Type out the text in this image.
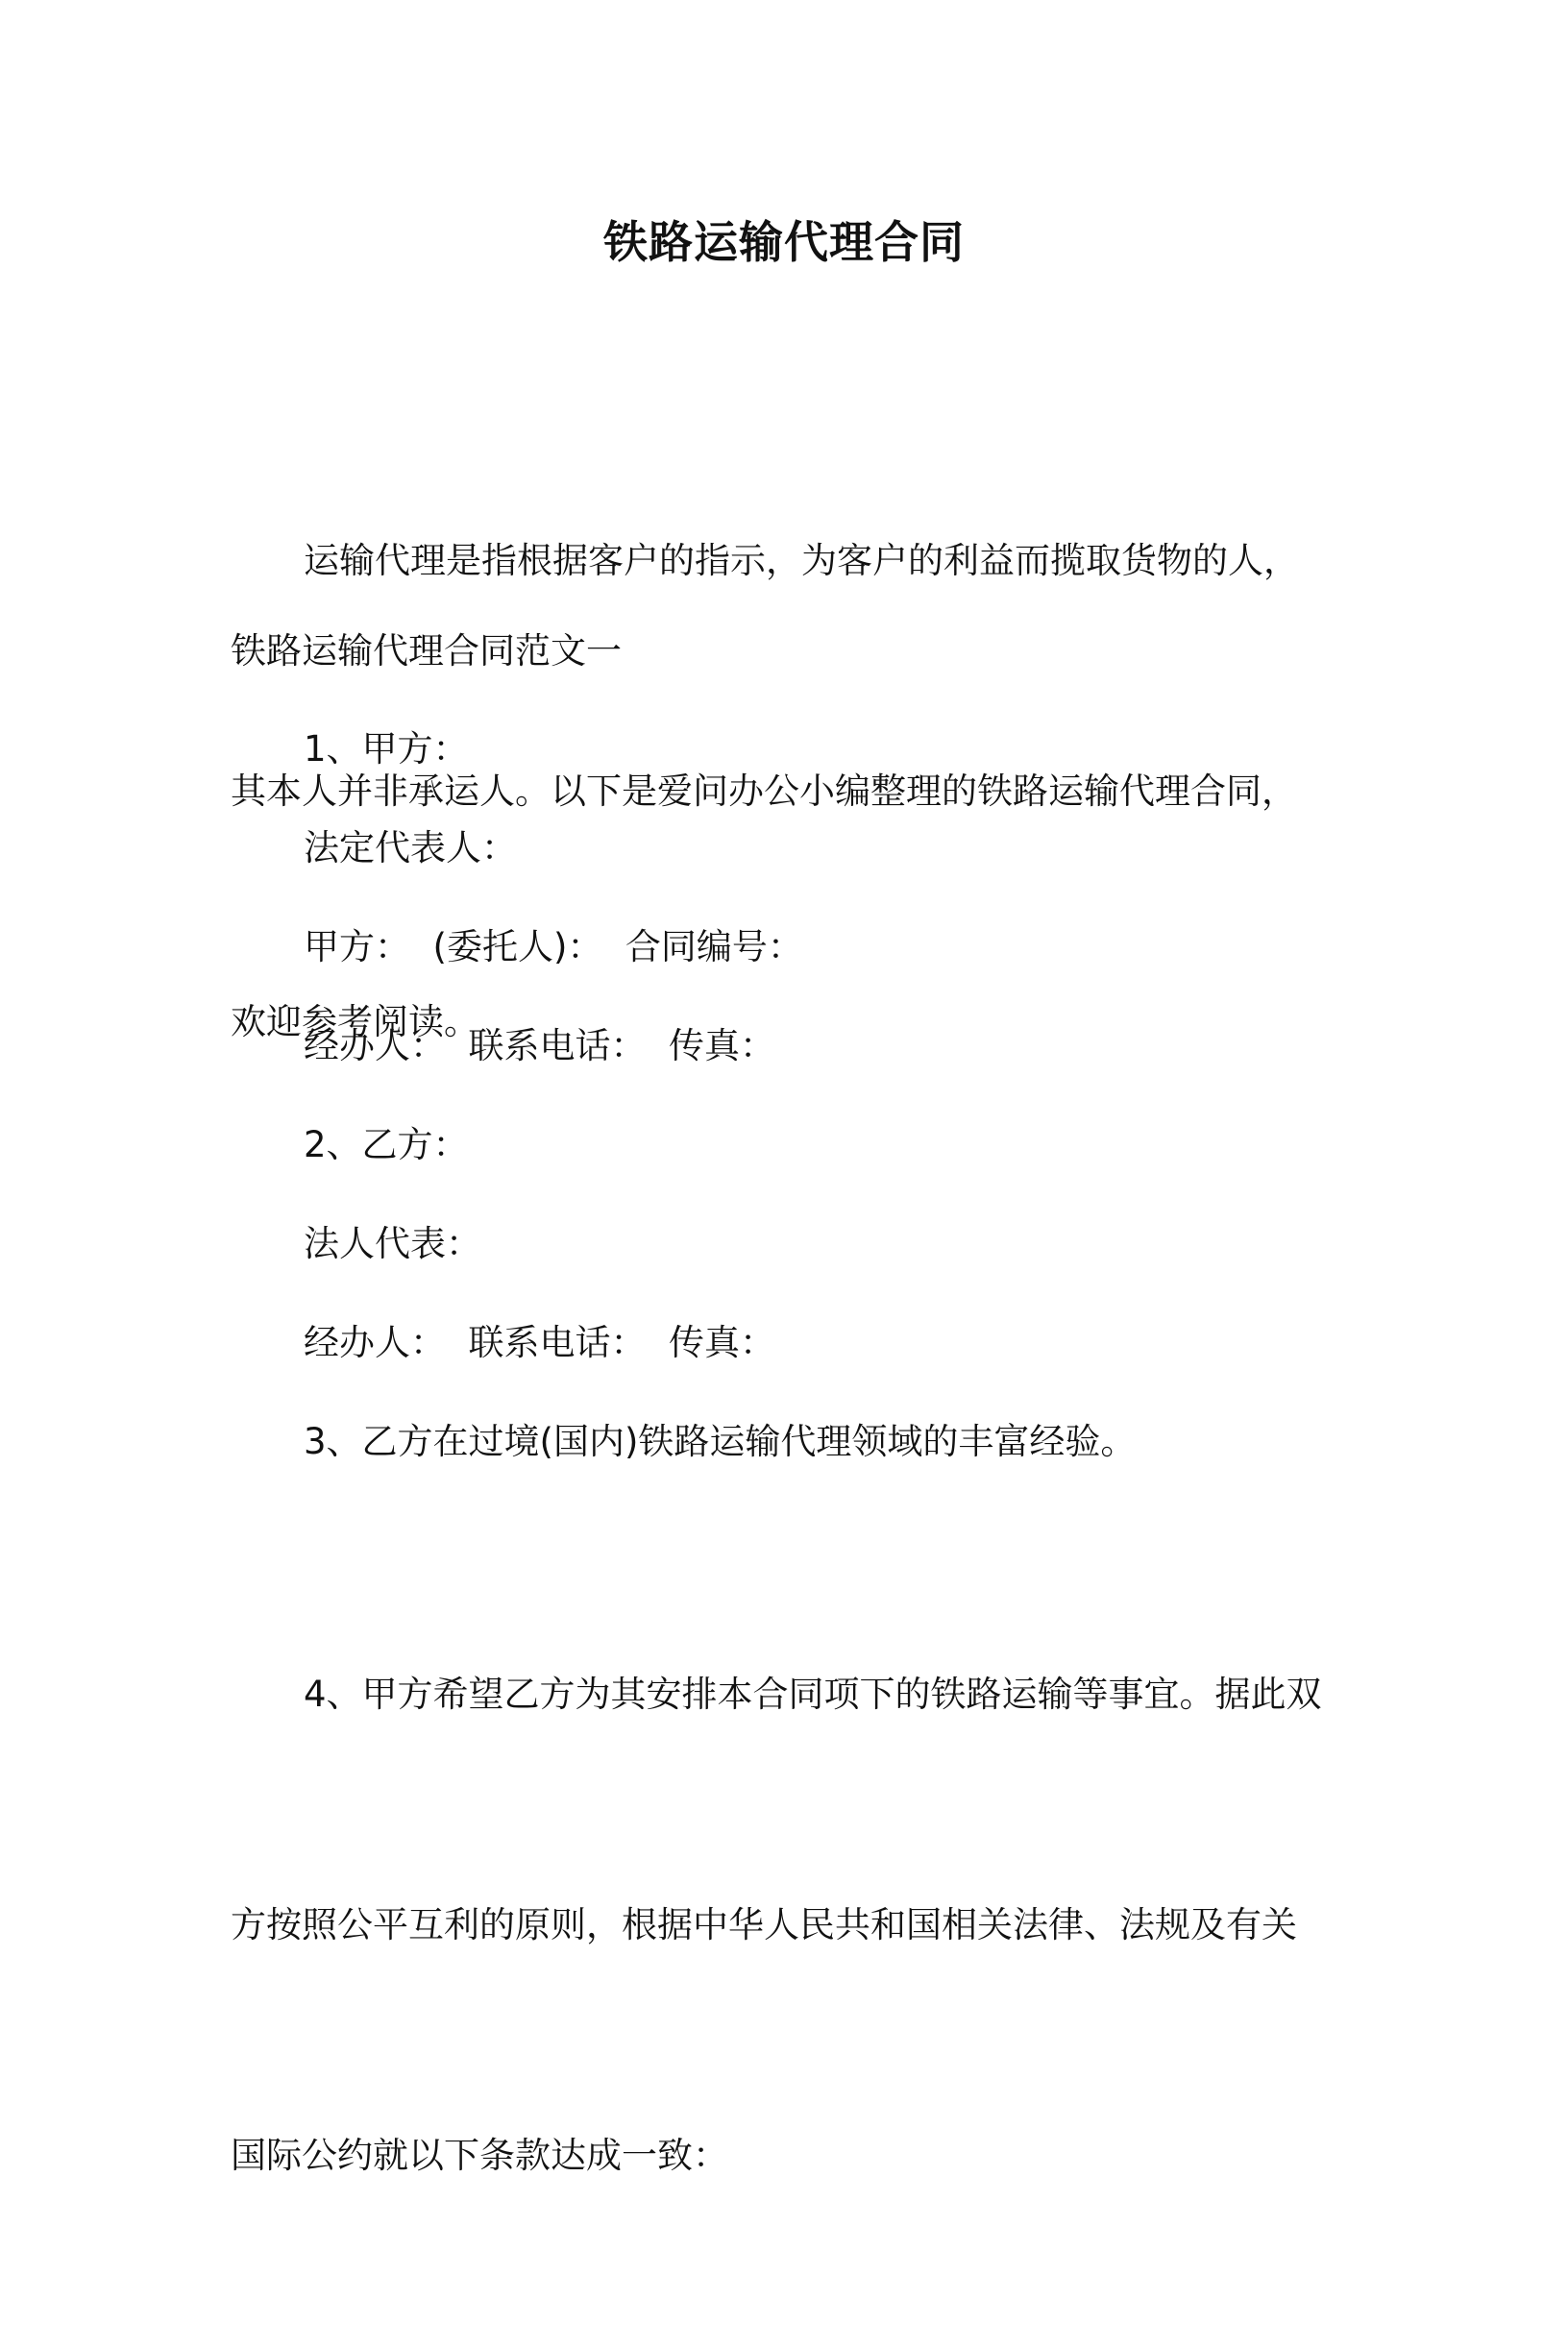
铁路运输代理合同

运输代理是指根据客户的指示，为客户的利益而揽取货物的人，

其本人并非承运人。以下是爱问办公小编整理的铁路运输代理合同，

欢迎参考阅读。

铁路运输代理合同范文一
1、甲方：
法定代表人：
甲方：  (委托人)：  合同编号：
经办人：  联系电话：  传真：
2、乙方：
法人代表：
经办人：  联系电话：  传真：
3、乙方在过境(国内)铁路运输代理领域的丰富经验。

4、甲方希望乙方为其安排本合同项下的铁路运输等事宜。据此双

方按照公平互利的原则，根据中华人民共和国相关法律、法规及有关

国际公约就以下条款达成一致：
